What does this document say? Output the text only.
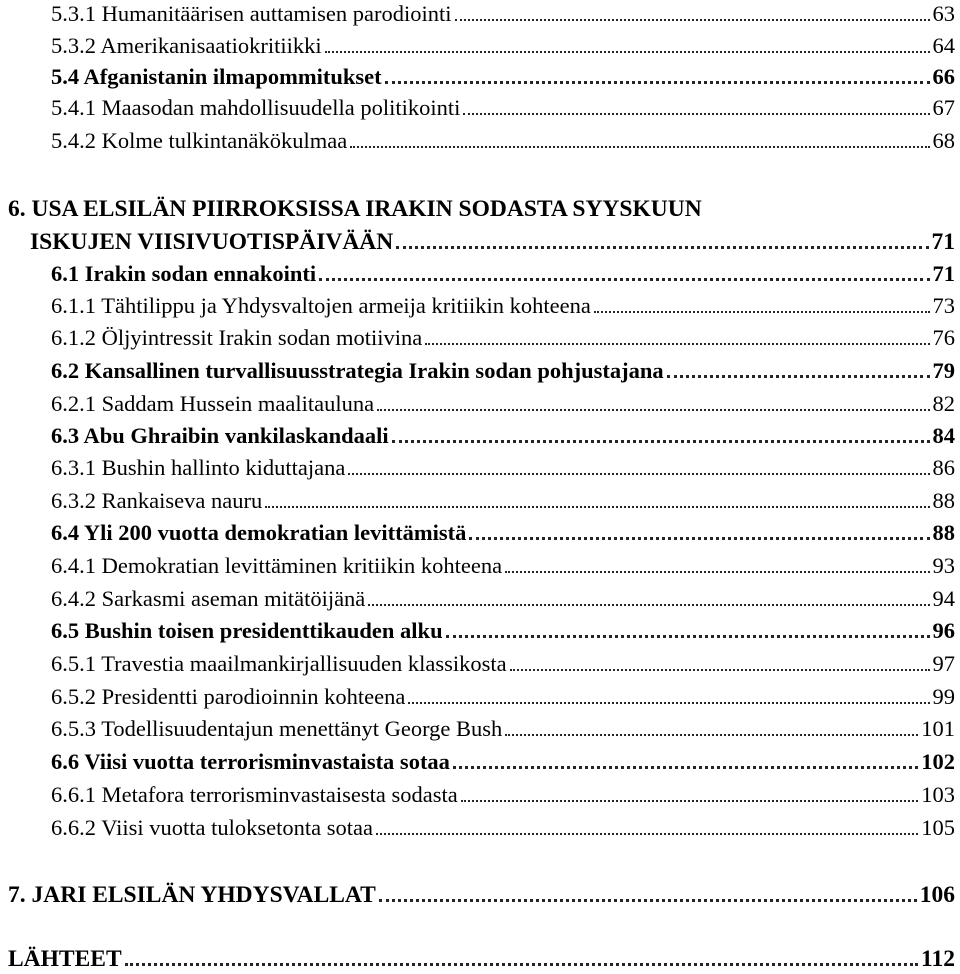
5.3.1 Humanitäärisen auttamisen parodiointi	63
5.3.2 Amerikanisaatiokritiikki	64
5.4 Afganistanin ilmapommitukset	66
5.4.1 Maasodan mahdollisuudella politikointi	67
5.4.2 Kolme tulkintanäkökulmaa	68
6. USA ELSILÄN PIIRROKSISSA IRAKIN SODASTA SYYSKUUN
ISKUJEN VIISIVUOTISPÄIVÄÄN	71
6.1 Irakin sodan ennakointi	71
6.1.1 Tähtilippu ja Yhdysvaltojen armeija kritiikin kohteena	73
6.1.2 Öljyintressit Irakin sodan motiivina	76
6.2 Kansallinen turvallisuusstrategia Irakin sodan pohjustajana	79
6.2.1 Saddam Hussein maalitauluna	82
6.3 Abu Ghraibin vankilaskandaali	84
6.3.1 Bushin hallinto kiduttajana	86
6.3.2 Rankaiseva nauru	88
6.4 Yli 200 vuotta demokratian levittämistä	88
6.4.1 Demokratian levittäminen kritiikin kohteena	93
6.4.2 Sarkasmi aseman mitätöijänä	94
6.5 Bushin toisen presidenttikauden alku	96
6.5.1 Travestia maailmankirjallisuuden klassikosta	97
6.5.2 Presidentti parodioinnin kohteena	99
6.5.3 Todellisuudentajun menettänyt George Bush	101
6.6 Viisi vuotta terrorisminvastaista sotaa	102
6.6.1 Metafora terrorisminvastaisesta sodasta	103
6.6.2 Viisi vuotta tuloksetonta sotaa	105
7. JARI ELSILÄN YHDYSVALLAT	106
LÄHTEET	112
